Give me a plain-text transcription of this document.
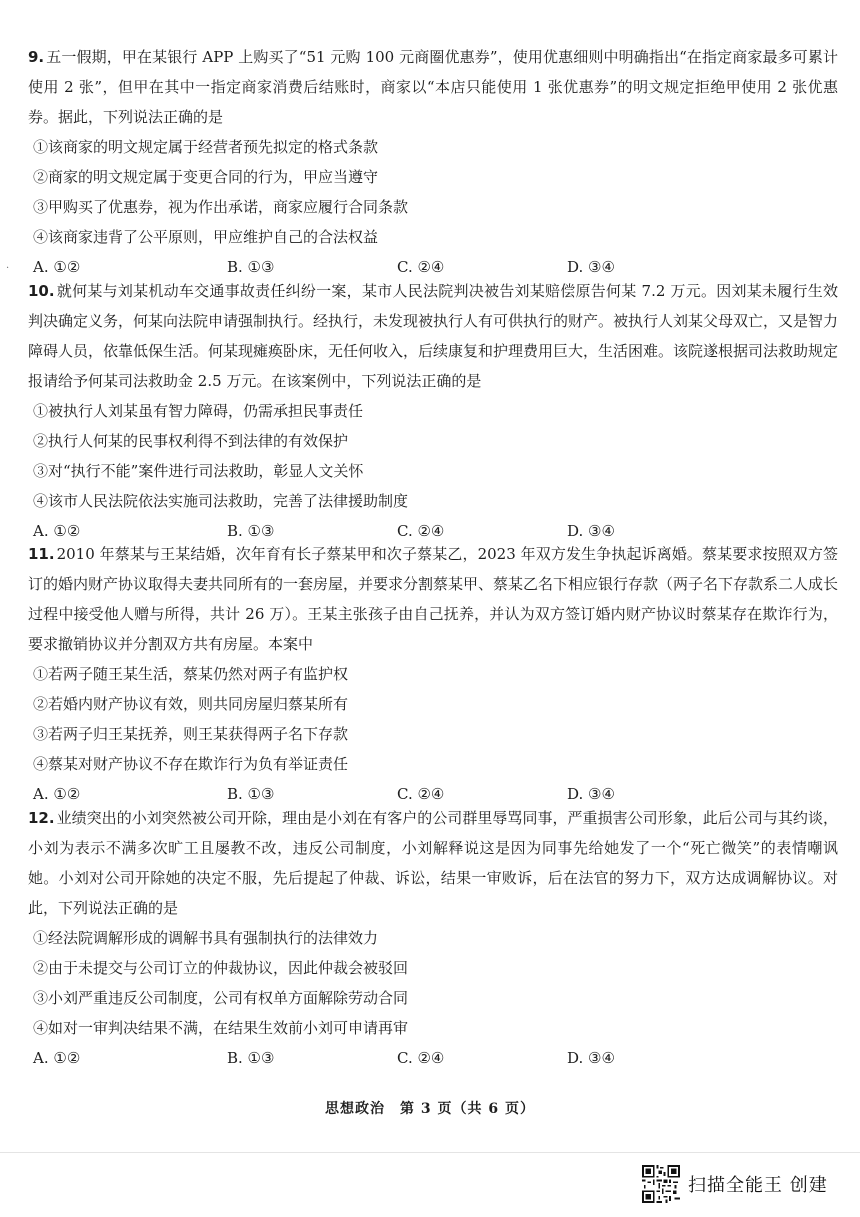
·
9. 五一假期，甲在某银行 APP 上购买了“51 元购 100 元商圈优惠券”，使用优惠细则中明确指出“在指定商家最多可累计使用 2 张”，但甲在其中一指定商家消费后结账时，商家以“本店只能使用 1 张优惠券”的明文规定拒绝甲使用 2 张优惠券。据此，下列说法正确的是
①该商家的明文规定属于经营者预先拟定的格式条款
②商家的明文规定属于变更合同的行为，甲应当遵守
③甲购买了优惠券，视为作出承诺，商家应履行合同条款
④该商家违背了公平原则，甲应维护自己的合法权益
A. ①②	B. ①③	C. ②④	D. ③④
10. 就何某与刘某机动车交通事故责任纠纷一案，某市人民法院判决被告刘某赔偿原告何某 7.2 万元。因刘某未履行生效判决确定义务，何某向法院申请强制执行。经执行，未发现被执行人有可供执行的财产。被执行人刘某父母双亡，又是智力障碍人员，依靠低保生活。何某现瘫痪卧床，无任何收入，后续康复和护理费用巨大，生活困难。该院遂根据司法救助规定报请给予何某司法救助金 2.5 万元。在该案例中，下列说法正确的是
①被执行人刘某虽有智力障碍，仍需承担民事责任
②执行人何某的民事权利得不到法律的有效保护
③对“执行不能”案件进行司法救助，彰显人文关怀
④该市人民法院依法实施司法救助，完善了法律援助制度
A. ①②	B. ①③	C. ②④	D. ③④
11. 2010 年蔡某与王某结婚，次年育有长子蔡某甲和次子蔡某乙，2023 年双方发生争执起诉离婚。蔡某要求按照双方签订的婚内财产协议取得夫妻共同所有的一套房屋，并要求分割蔡某甲、蔡某乙名下相应银行存款（两子名下存款系二人成长过程中接受他人赠与所得，共计 26 万）。王某主张孩子由自己抚养，并认为双方签订婚内财产协议时蔡某存在欺诈行为，要求撤销协议并分割双方共有房屋。本案中
①若两子随王某生活，蔡某仍然对两子有监护权
②若婚内财产协议有效，则共同房屋归蔡某所有
③若两子归王某抚养，则王某获得两子名下存款
④蔡某对财产协议不存在欺诈行为负有举证责任
A. ①②	B. ①③	C. ②④	D. ③④
12. 业绩突出的小刘突然被公司开除，理由是小刘在有客户的公司群里辱骂同事，严重损害公司形象，此后公司与其约谈，小刘为表示不满多次旷工且屡教不改，违反公司制度，小刘解释说这是因为同事先给她发了一个“死亡微笑”的表情嘲讽她。小刘对公司开除她的决定不服，先后提起了仲裁、诉讼，结果一审败诉，后在法官的努力下，双方达成调解协议。对此，下列说法正确的是
①经法院调解形成的调解书具有强制执行的法律效力
②由于未提交与公司订立的仲裁协议，因此仲裁会被驳回
③小刘严重违反公司制度，公司有权单方面解除劳动合同
④如对一审判决结果不满，在结果生效前小刘可申请再审
A. ①②	B. ①③	C. ②④	D. ③④
思想政治　第 3 页（共 6 页）
扫描全能王 创建
